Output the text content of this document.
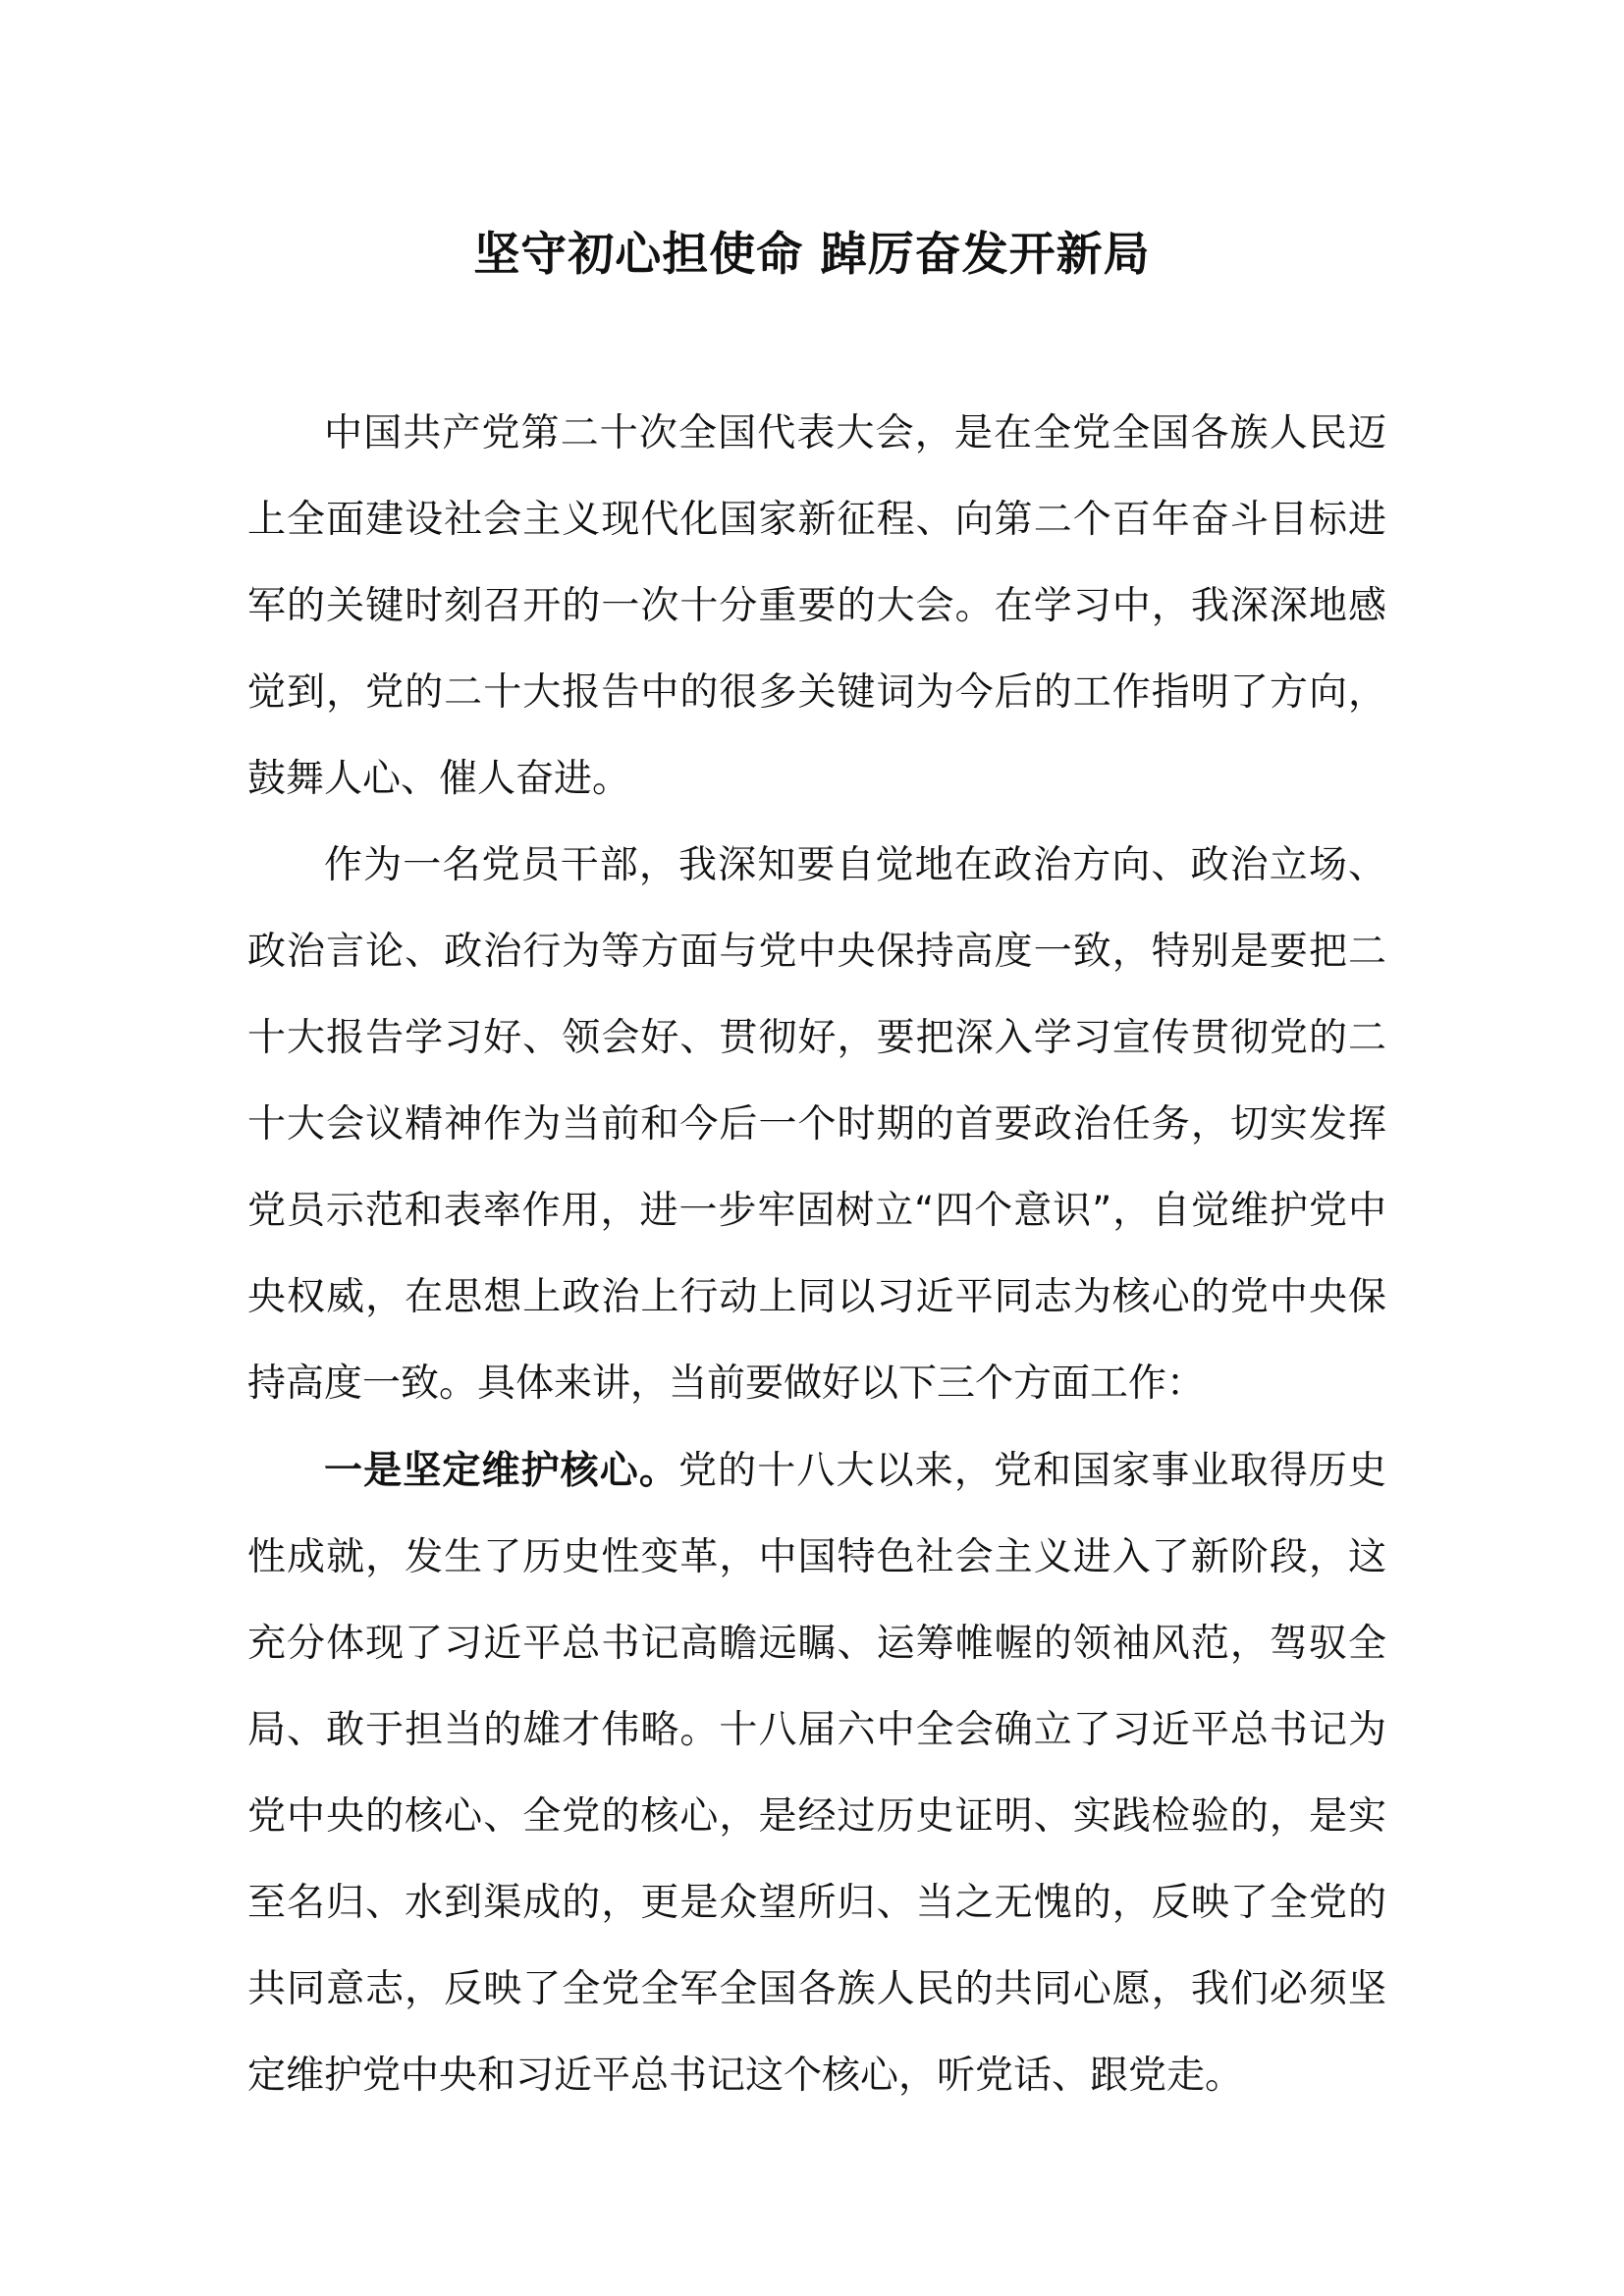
坚守初心担使命 踔厉奋发开新局

中国共产党第二十次全国代表大会，是在全党全国各族人民迈上全面建设社会主义现代化国家新征程、向第二个百年奋斗目标进军的关键时刻召开的一次十分重要的大会。在学习中，我深深地感觉到，党的二十大报告中的很多关键词为今后的工作指明了方向，鼓舞人心、催人奋进。

作为一名党员干部，我深知要自觉地在政治方向、政治立场、政治言论、政治行为等方面与党中央保持高度一致，特别是要把二十大报告学习好、领会好、贯彻好，要把深入学习宣传贯彻党的二十大会议精神作为当前和今后一个时期的首要政治任务，切实发挥党员示范和表率作用，进一步牢固树立“四个意识”，自觉维护党中央权威，在思想上政治上行动上同以习近平同志为核心的党中央保持高度一致。具体来讲，当前要做好以下三个方面工作：

一是坚定维护核心。党的十八大以来，党和国家事业取得历史性成就，发生了历史性变革，中国特色社会主义进入了新阶段，这充分体现了习近平总书记高瞻远瞩、运筹帷幄的领袖风范，驾驭全局、敢于担当的雄才伟略。十八届六中全会确立了习近平总书记为党中央的核心、全党的核心，是经过历史证明、实践检验的，是实至名归、水到渠成的，更是众望所归、当之无愧的，反映了全党的共同意志，反映了全党全军全国各族人民的共同心愿，我们必须坚定维护党中央和习近平总书记这个核心，听党话、跟党走。
